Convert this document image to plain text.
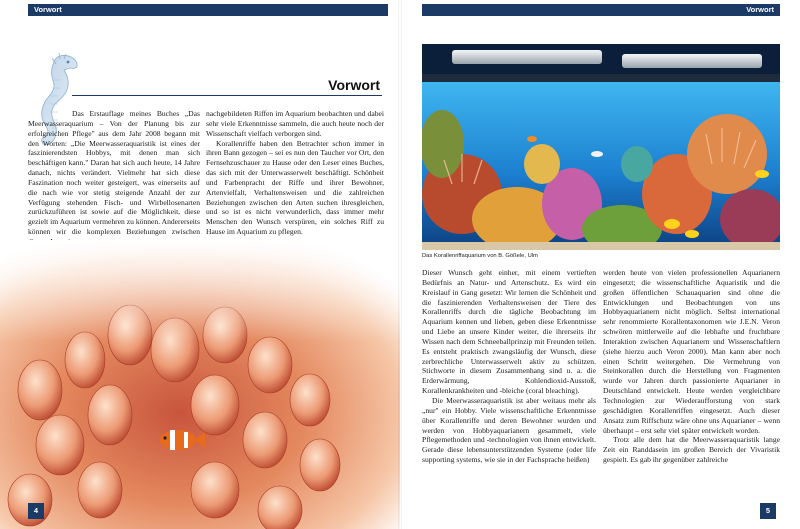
Vorwort
Vorwort

Das Erstauflage meines Buches „Das Meerwasseraquarium – Von der Planung bis zur erfolgreichen Pflege" aus dem Jahr 2008 begann mit den Worten: „Die Meerwasseraquaristik ist eines der faszinierendsten Hobbys, mit denen man sich beschäftigen kann." Daran hat sich auch heute, 14 Jahre danach, nichts verändert. Vielmehr hat sich diese Faszination noch weiter gesteigert, was einerseits auf die nach wie vor stetig steigende Anzahl der zur Verfügung stehenden Fisch- und Wirbellosenarten zurückzuführen ist sowie auf die Möglichkeit, diese gezielt im Aquarium vermehren zu können. Andererseits können wir die komplexen Beziehungen zwischen

nachgebildeten Riffen im Aquarium beobachten und dabei sehr viele Erkenntnisse sammeln, die auch heute noch der Wissenschaft vielfach verborgen sind.

Korallenriffe haben den Betrachter schon immer in ihren Bann gezogen – sei es nun den Taucher vor Ort, den Fernsehzuschauer zu Hause oder den Leser eines Buches, das sich mit der Unterwasserwelt beschäftigt. Schönheit und Farbenpracht der Riffe und ihrer Bewohner, Artenvielfalt, Verhaltensweisen und die zahlreichen Beziehungen zwischen den Arten suchen ihresgleichen, und so ist es nicht verwunderlich, dass immer mehr Menschen den Wunsch verspüren, ein solches Riff zu Hause im Aquarium zu pflegen.

4
Vorwort
Das Korallenriffaquarium von B. Gößele, Ulm

Dieser Wunsch geht einher, mit einem vertieften Bedürfnis an Natur- und Artenschutz. Es wird ein Kreislauf in Gang gesetzt: Wir lernen die Schönheit und die faszinierenden Verhaltensweisen der Tiere des Korallenriffs durch die tägliche Beobachtung im Aquarium kennen und lieben, geben diese Erkenntnisse und Liebe an unsere Kinder weiter, die ihrerseits ihr Wissen nach dem Schneeballprinzip mit Freunden teilen. Es entsteht praktisch zwangsläufig der Wunsch, diese zerbrechliche Unterwasserwelt aktiv zu schützen. Stichworte in diesem Zusammenhang sind u. a. die Erderwärmung, Kohlendioxid-Ausstoß, Korallenkrankheiten und -bleiche (coral bleaching).

Die Meerwasseraquaristik ist aber weitaus mehr als „nur" ein Hobby. Viele wissenschaftliche Erkenntnisse über Korallenriffe und deren Bewohner wurden und werden von Hobbyaquarianern gesammelt, viele Pflegemethoden und -technologien von ihnen entwickelt. Gerade diese lebensunterstützenden Systeme (oder life supporting systems, wie sie in der Fachsprache heißen)

werden heute von vielen professionellen Aquarianern eingesetzt; die wissenschaftliche Aquaristik und die großen öffentlichen Schauaquarien sind ohne die Entwicklungen und Beobachtungen von uns Hobbyaquarianern nicht möglich. Selbst international sehr renommierte Korallentaxonomen wie J.E.N. Veron schwören mittlerweile auf die lebhafte und fruchtbare Interaktion zwischen Aquarianern und Wissenschaftlern (siehe hierzu auch Veron 2000). Man kann aber noch einen Schritt weitergehen. Die Vermehrung von Steinkorallen durch die Herstellung von Fragmenten wurde vor Jahren durch passionierte Aquarianer in Deutschland entwickelt. Heute werden vergleichbare Technologien zur Wiederaufforstung von stark geschädigten Korallenriffen eingesetzt. Auch dieser Ansatz zum Riffschutz wäre ohne uns Aquarianer – wenn überhaupt – erst sehr viel später entwickelt worden.

Trotz alle dem hat die Meerwasseraquaristik lange Zeit ein Randdasein im großen Bereich der Vivaristik gespielt. Es gab ihr gegenüber zahlreiche

5
